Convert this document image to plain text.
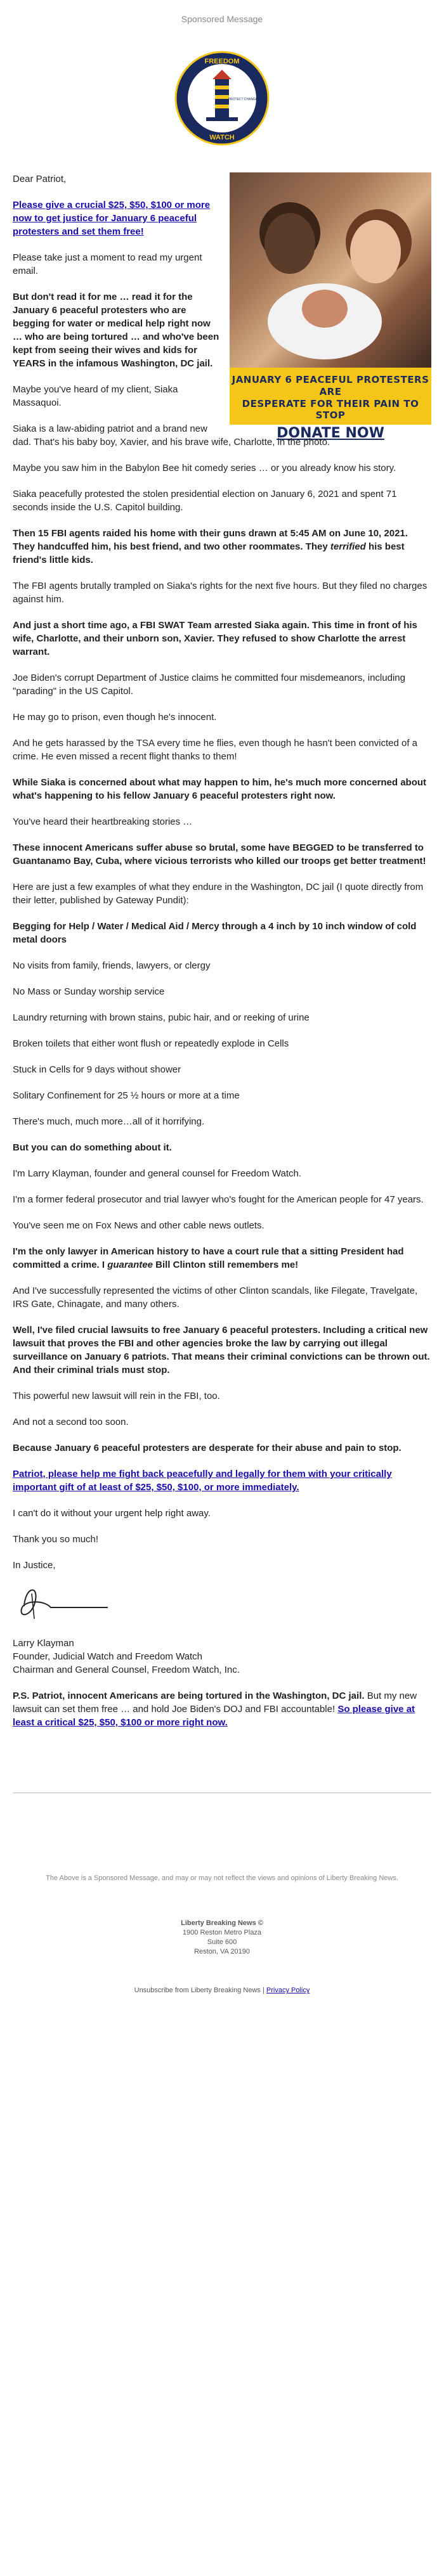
Sponsored Message
FREEDOM
WATCH
PROTECT CHANGE
JANUARY 6 PEACEFUL PROTESTERS ARE
DESPERATE FOR THEIR PAIN TO STOP
DONATE NOW

Dear Patriot,

Please give a crucial $25, $50, $100 or more now to get justice for January 6 peaceful protesters and set them free!

Please take just a moment to read my urgent email.

But don't read it for me … read it for the January 6 peaceful protesters who are begging for water or medical help right now … who are being tortured … and who've been kept from seeing their wives and kids for YEARS in the infamous Washington, DC jail.

Maybe you've heard of my client, Siaka Massaquoi.

Siaka is a law-abiding patriot and a brand new dad. That's his baby boy, Xavier, and his brave wife, Charlotte, in the photo.

Maybe you saw him in the Babylon Bee hit comedy series … or you already know his story.

Siaka peacefully protested the stolen presidential election on January 6, 2021 and spent 71 seconds inside the U.S. Capitol building.

Then 15 FBI agents raided his home with their guns drawn at 5:45 AM on June 10, 2021. They handcuffed him, his best friend, and two other roommates. They terrified his best friend's little kids.

The FBI agents brutally trampled on Siaka's rights for the next five hours. But they filed no charges against him.

And just a short time ago, a FBI SWAT Team arrested Siaka again. This time in front of his wife, Charlotte, and their unborn son, Xavier. They refused to show Charlotte the arrest warrant.

Joe Biden's corrupt Department of Justice claims he committed four misdemeanors, including "parading" in the US Capitol.

He may go to prison, even though he's innocent.

And he gets harassed by the TSA every time he flies, even though he hasn't been convicted of a crime. He even missed a recent flight thanks to them!

While Siaka is concerned about what may happen to him, he's much more concerned about what's happening to his fellow January 6 peaceful protesters right now.

You've heard their heartbreaking stories …

These innocent Americans suffer abuse so brutal, some have BEGGED to be transferred to Guantanamo Bay, Cuba, where vicious terrorists who killed our troops get better treatment!

Here are just a few examples of what they endure in the Washington, DC jail (I quote directly from their letter, published by Gateway Pundit):

Begging for Help / Water / Medical Aid / Mercy through a 4 inch by 10 inch window of cold metal doors

No visits from family, friends, lawyers, or clergy

No Mass or Sunday worship service

Laundry returning with brown stains, pubic hair, and or reeking of urine

Broken toilets that either wont flush or repeatedly explode in Cells

Stuck in Cells for 9 days without shower

Solitary Confinement for 25 ½ hours or more at a time

There's much, much more…all of it horrifying.

But you can do something about it.

I'm Larry Klayman, founder and general counsel for Freedom Watch.

I'm a former federal prosecutor and trial lawyer who's fought for the American people for 47 years.

You've seen me on Fox News and other cable news outlets.

I'm the only lawyer in American history to have a court rule that a sitting President had committed a crime. I guarantee Bill Clinton still remembers me!

And I've successfully represented the victims of other Clinton scandals, like Filegate, Travelgate, IRS Gate, Chinagate, and many others.

Well, I've filed crucial lawsuits to free January 6 peaceful protesters. Including a critical new lawsuit that proves the FBI and other agencies broke the law by carrying out illegal surveillance on January 6 patriots. That means their criminal convictions can be thrown out. And their criminal trials must stop.

This powerful new lawsuit will rein in the FBI, too.

And not a second too soon.

Because January 6 peaceful protesters are desperate for their abuse and pain to stop.

Patriot, please help me fight back peacefully and legally for them with your critically important gift of at least of $25, $50, $100, or more immediately.

I can't do it without your urgent help right away.

Thank you so much!

In Justice,

Larry Klayman

Founder, Judicial Watch and Freedom Watch

Chairman and General Counsel, Freedom Watch, Inc.

P.S. Patriot, innocent Americans are being tortured in the Washington, DC jail. But my new lawsuit can set them free … and hold Joe Biden's DOJ and FBI accountable! So please give at least a critical $25, $50, $100 or more right now.

The Above is a Sponsored Message, and may or may not reflect the views and opinions of Liberty Breaking News.
Liberty Breaking News ©
1900 Reston Metro Plaza
Suite 600
Reston, VA 20190
Unsubscribe from Liberty Breaking News | Privacy Policy
